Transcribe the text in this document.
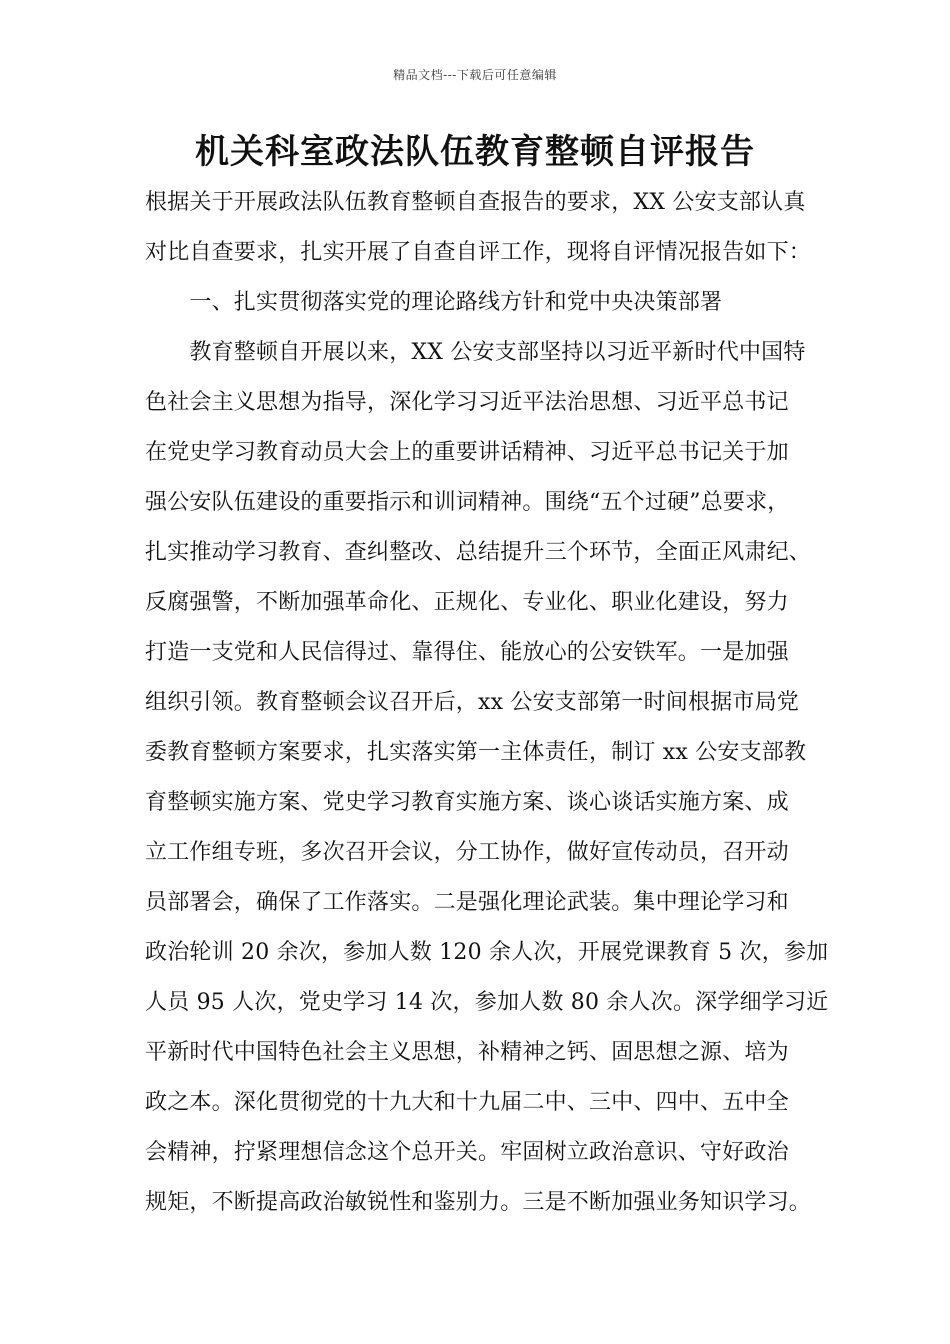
精品文档---下载后可任意编辑
机关科室政法队伍教育整顿自评报告
根据关于开展政法队伍教育整顿自查报告的要求，XX 公安支部认真
对比自查要求，扎实开展了自查自评工作，现将自评情况报告如下：
　　一、扎实贯彻落实党的理论路线方针和党中央决策部署
　　教育整顿自开展以来，XX 公安支部坚持以习近平新时代中国特
色社会主义思想为指导，深化学习习近平法治思想、习近平总书记
在党史学习教育动员大会上的重要讲话精神、习近平总书记关于加
强公安队伍建设的重要指示和训词精神。围绕“五个过硬”总要求，
扎实推动学习教育、查纠整改、总结提升三个环节，全面正风肃纪、
反腐强警，不断加强革命化、正规化、专业化、职业化建设，努力
打造一支党和人民信得过、靠得住、能放心的公安铁军。一是加强
组织引领。教育整顿会议召开后，xx 公安支部第一时间根据市局党
委教育整顿方案要求，扎实落实第一主体责任，制订 xx 公安支部教
育整顿实施方案、党史学习教育实施方案、谈心谈话实施方案、成
立工作组专班，多次召开会议，分工协作，做好宣传动员，召开动
员部署会，确保了工作落实。二是强化理论武装。集中理论学习和
政治轮训 20 余次，参加人数 120 余人次，开展党课教育 5 次，参加
人员 95 人次，党史学习 14 次，参加人数 80 余人次。深学细学习近
平新时代中国特色社会主义思想，补精神之钙、固思想之源、培为
政之本。深化贯彻党的十九大和十九届二中、三中、四中、五中全
会精神，拧紧理想信念这个总开关。牢固树立政治意识、守好政治
规矩，不断提高政治敏锐性和鉴别力。三是不断加强业务知识学习。
